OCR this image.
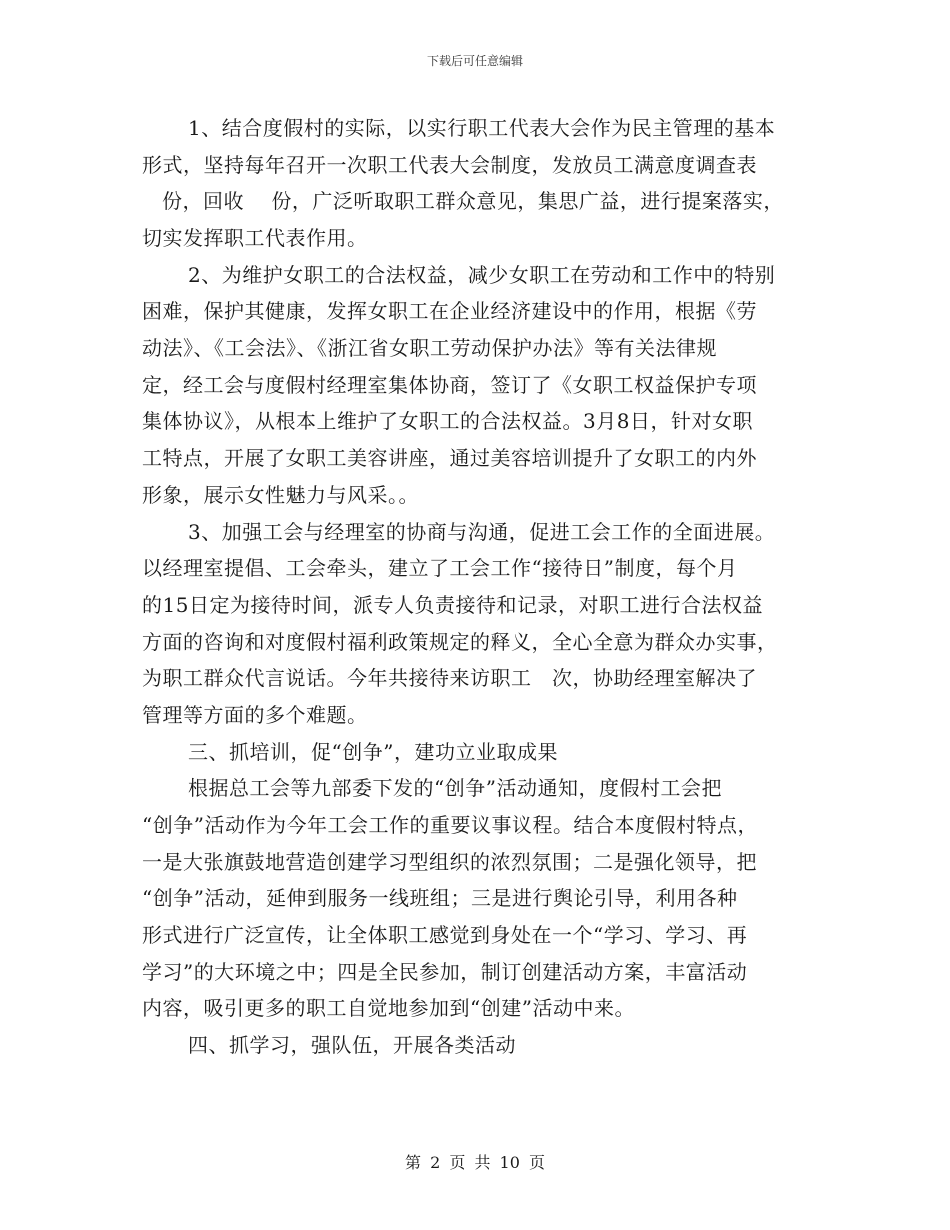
下载后可任意编辑
1、结合度假村的实际，以实行职工代表大会作为民主管理的基本
形式，坚持每年召开一次职工代表大会制度，发放员工满意度调查表
份，回收　 份，广泛听取职工群众意见，集思广益，进行提案落实，
切实发挥职工代表作用。
2、为维护女职工的合法权益，减少女职工在劳动和工作中的特别
困难，保护其健康，发挥女职工在企业经济建设中的作用，根据《劳
动法》、《工会法》、《浙江省女职工劳动保护办法》等有关法律规
定，经工会与度假村经理室集体协商，签订了《女职工权益保护专项
集体协议》，从根本上维护了女职工的合法权益。3月8日，针对女职
工特点，开展了女职工美容讲座，通过美容培训提升了女职工的内外
形象，展示女性魅力与风采。。
3、加强工会与经理室的协商与沟通，促进工会工作的全面进展。
以经理室提倡、工会牵头，建立了工会工作“接待日”制度，每个月
的15日定为接待时间，派专人负责接待和记录，对职工进行合法权益
方面的咨询和对度假村福利政策规定的释义，全心全意为群众办实事，
为职工群众代言说话。今年共接待来访职工　次，协助经理室解决了
管理等方面的多个难题。
三、抓培训，促“创争”，建功立业取成果
根据总工会等九部委下发的“创争”活动通知，度假村工会把
“创争”活动作为今年工会工作的重要议事议程。结合本度假村特点，
一是大张旗鼓地营造创建学习型组织的浓烈氛围；二是强化领导，把
“创争”活动，延伸到服务一线班组；三是进行舆论引导，利用各种
形式进行广泛宣传，让全体职工感觉到身处在一个“学习、学习、再
学习”的大环境之中；四是全民参加，制订创建活动方案，丰富活动
内容，吸引更多的职工自觉地参加到“创建”活动中来。
四、抓学习，强队伍，开展各类活动
第 2 页 共 10 页
